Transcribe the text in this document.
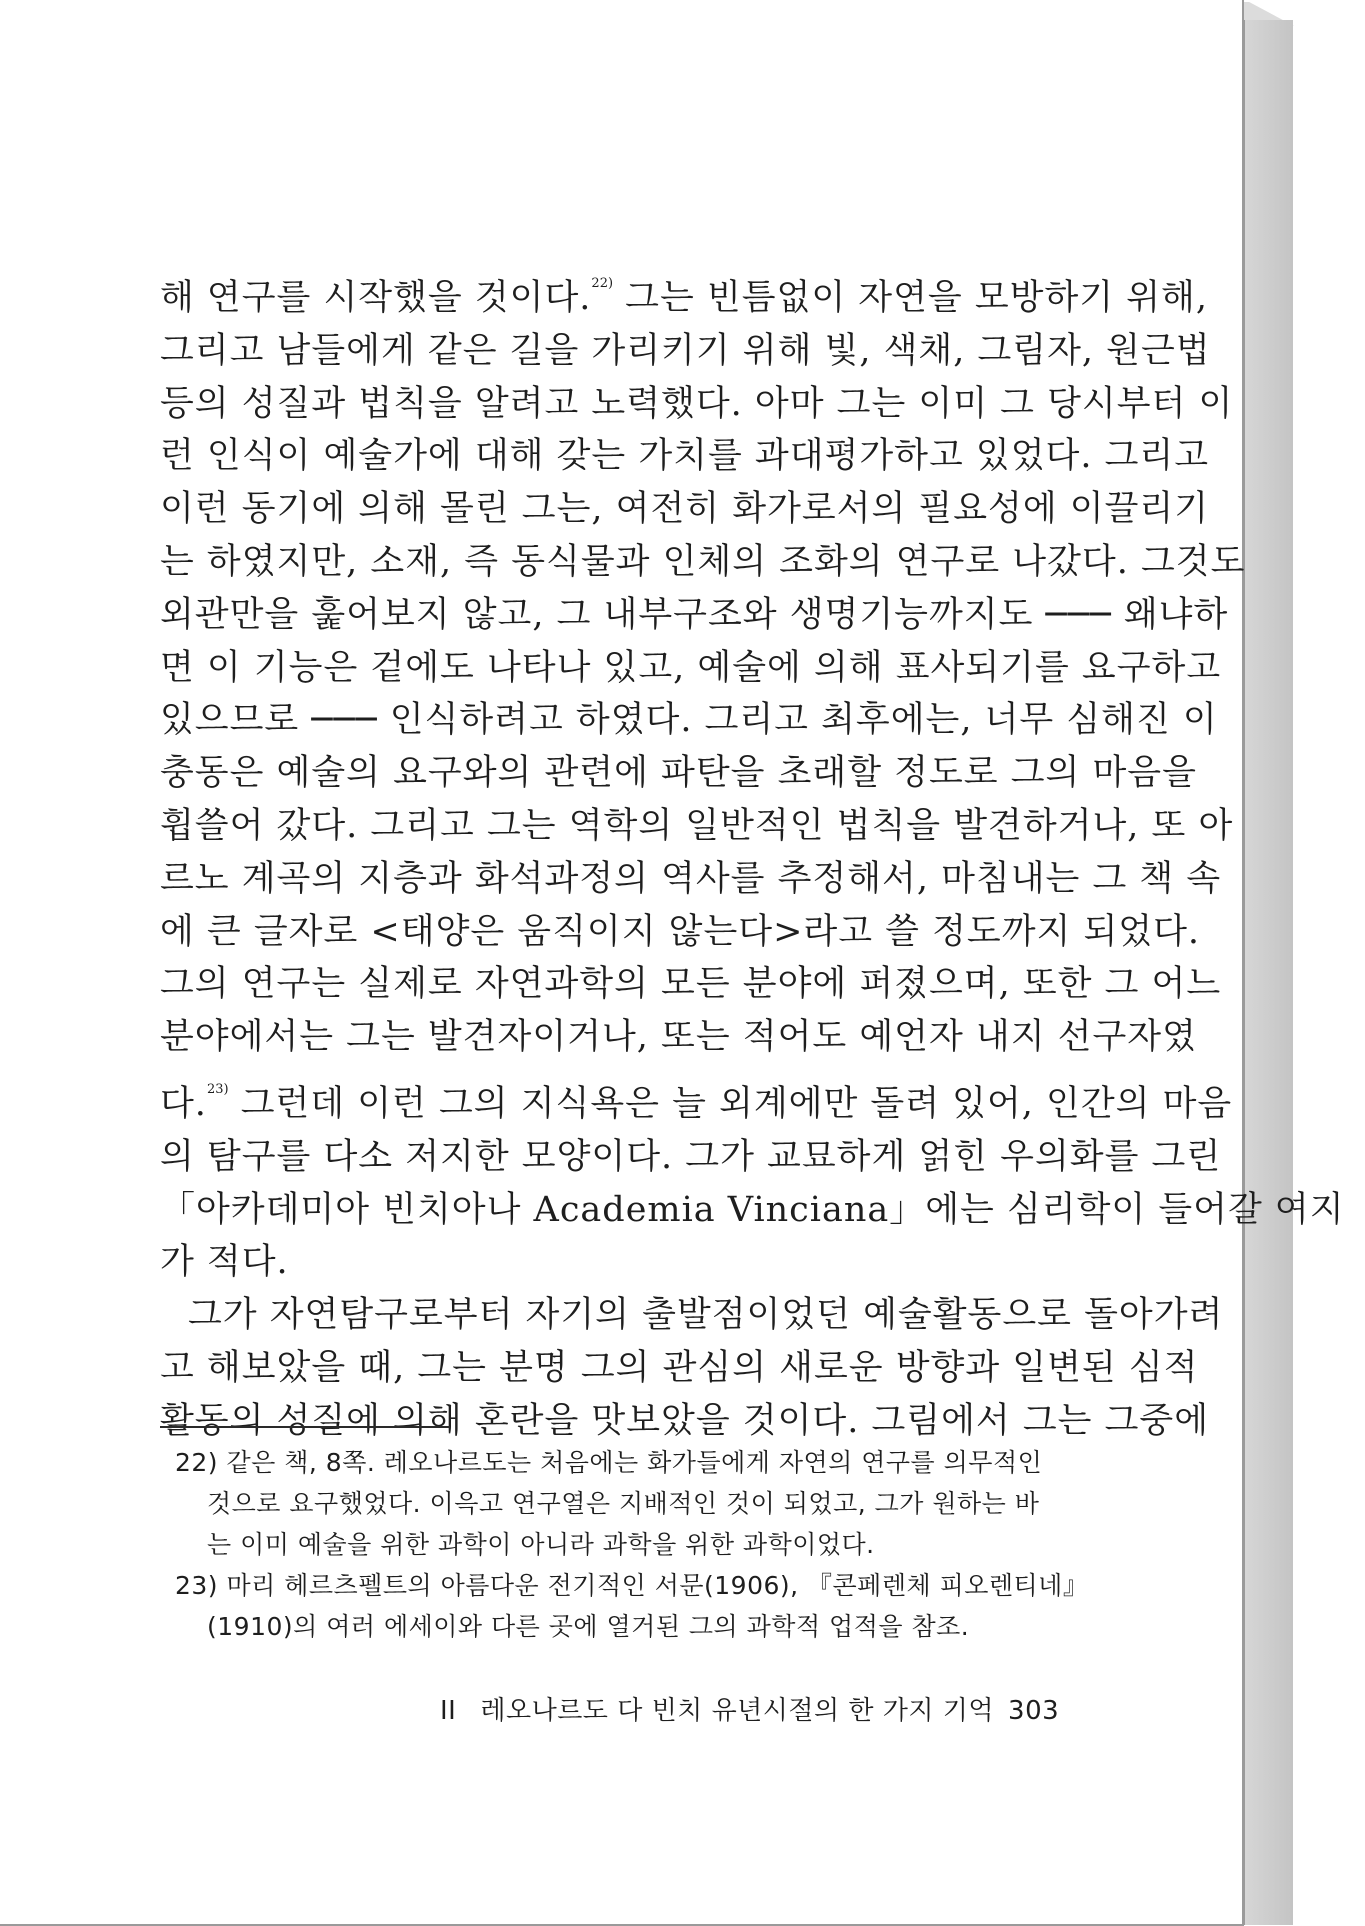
해 연구를 시작했을 것이다.$^{22)}$ 그는 빈틈없이 자연을 모방하기 위해,
그리고 남들에게 같은 길을 가리키기 위해 빛, 색채, 그림자, 원근법
등의 성질과 법칙을 알려고 노력했다. 아마 그는 이미 그 당시부터 이
런 인식이 예술가에 대해 갖는 가치를 과대평가하고 있었다. 그리고
이런 동기에 의해 몰린 그는, 여전히 화가로서의 필요성에 이끌리기
는 하였지만, 소재, 즉 동식물과 인체의 조화의 연구로 나갔다. 그것도
외관만을 훑어보지 않고, 그 내부구조와 생명기능까지도 ─── 왜냐하
면 이 기능은 겉에도 나타나 있고, 예술에 의해 표사되기를 요구하고
있으므로 ─── 인식하려고 하였다. 그리고 최후에는, 너무 심해진 이
충동은 예술의 요구와의 관련에 파탄을 초래할 정도로 그의 마음을
휩쓸어 갔다. 그리고 그는 역학의 일반적인 법칙을 발견하거나, 또 아
르노 계곡의 지층과 화석과정의 역사를 추정해서, 마침내는 그 책 속
에 큰 글자로 <태양은 움직이지 않는다>라고 쓸 정도까지 되었다.
그의 연구는 실제로 자연과학의 모든 분야에 퍼졌으며, 또한 그 어느
분야에서는 그는 발견자이거나, 또는 적어도 예언자 내지 선구자였
다.$^{23)}$ 그런데 이런 그의 지식욕은 늘 외계에만 돌려 있어, 인간의 마음
의 탐구를 다소 저지한 모양이다. 그가 교묘하게 얽힌 우의화를 그린
「아카데미아 빈치아나 Academia Vinciana」에는 심리학이 들어갈 여지
가 적다.
그가 자연탐구로부터 자기의 출발점이었던 예술활동으로 돌아가려
고 해보았을 때, 그는 분명 그의 관심의 새로운 방향과 일변된 심적
활동의 성질에 의해 혼란을 맛보았을 것이다. 그림에서 그는 그중에

22) 같은 책, 8쪽. 레오나르도는 처음에는 화가들에게 자연의 연구를 의무적인
것으로 요구했었다. 이윽고 연구열은 지배적인 것이 되었고, 그가 원하는 바
는 이미 예술을 위한 과학이 아니라 과학을 위한 과학이었다.

23) 마리 헤르츠펠트의 아름다운 전기적인 서문(1906), 『콘페렌체 피오렌티네』
(1910)의 여러 에세이와 다른 곳에 열거된 그의 과학적 업적을 참조.

II 레오나르도 다 빈치 유년시절의 한 가지 기억 303
